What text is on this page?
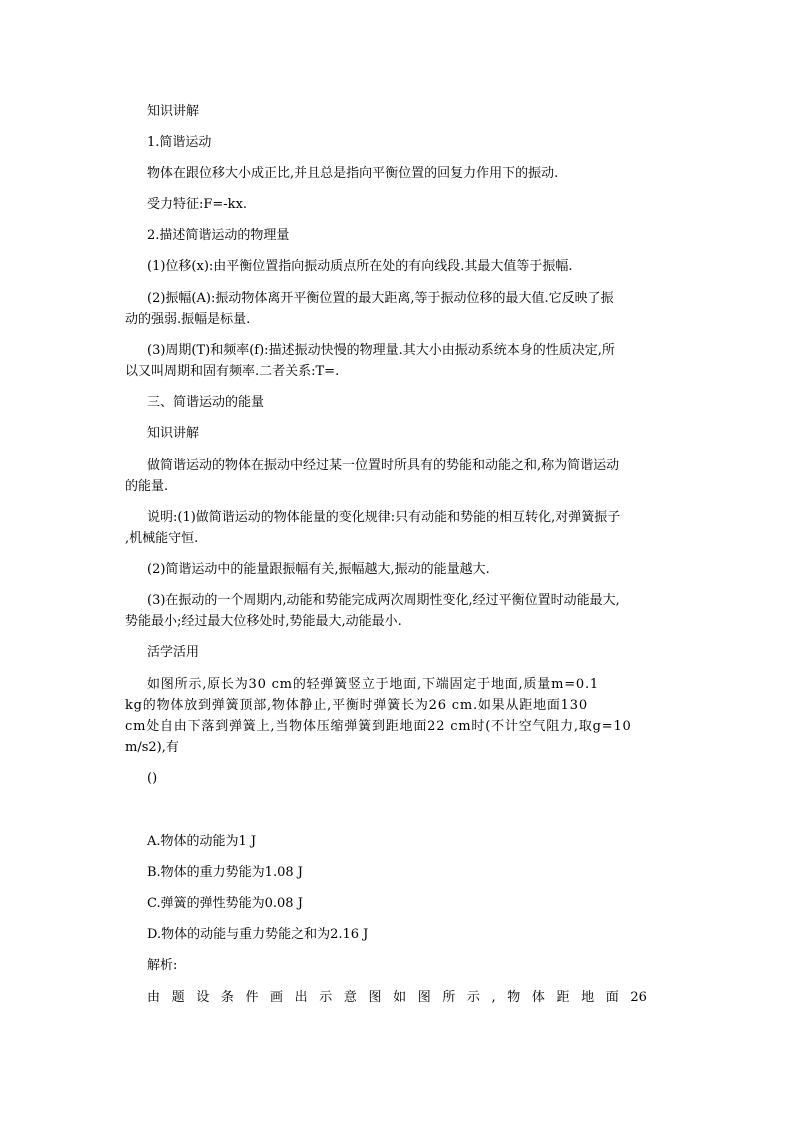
知识讲解
1.简谐运动
物体在跟位移大小成正比,并且总是指向平衡位置的回复力作用下的振动.
受力特征:F=-kx.
2.描述简谐运动的物理量
(1)位移(x):由平衡位置指向振动质点所在处的有向线段.其最大值等于振幅.
(2)振幅(A):振动物体离开平衡位置的最大距离,等于振动位移的最大值.它反映了振
动的强弱.振幅是标量.
(3)周期(T)和频率(f):描述振动快慢的物理量.其大小由振动系统本身的性质决定,所
以又叫周期和固有频率.二者关系:T=.
三、简谐运动的能量
知识讲解
做简谐运动的物体在振动中经过某一位置时所具有的势能和动能之和,称为简谐运动
的能量.
说明:(1)做简谐运动的物体能量的变化规律:只有动能和势能的相互转化,对弹簧振子
,机械能守恒.
(2)简谐运动中的能量跟振幅有关,振幅越大,振动的能量越大.
(3)在振动的一个周期内,动能和势能完成两次周期性变化,经过平衡位置时动能最大,
势能最小;经过最大位移处时,势能最大,动能最小.
活学活用
如图所示,原长为30 cm的轻弹簧竖立于地面,下端固定于地面,质量m=0.1
kg的物体放到弹簧顶部,物体静止,平衡时弹簧长为26 cm.如果从距地面130
cm处自由下落到弹簧上,当物体压缩弹簧到距地面22 cm时(不计空气阻力,取g=10
m/s2),有
()
A.物体的动能为1 J
B.物体的重力势能为1.08 J
C.弹簧的弹性势能为0.08 J
D.物体的动能与重力势能之和为2.16 J
解析:
由 题 设 条 件 画 出 示 意 图 如 图 所 示 , 物 体 距 地 面 26
